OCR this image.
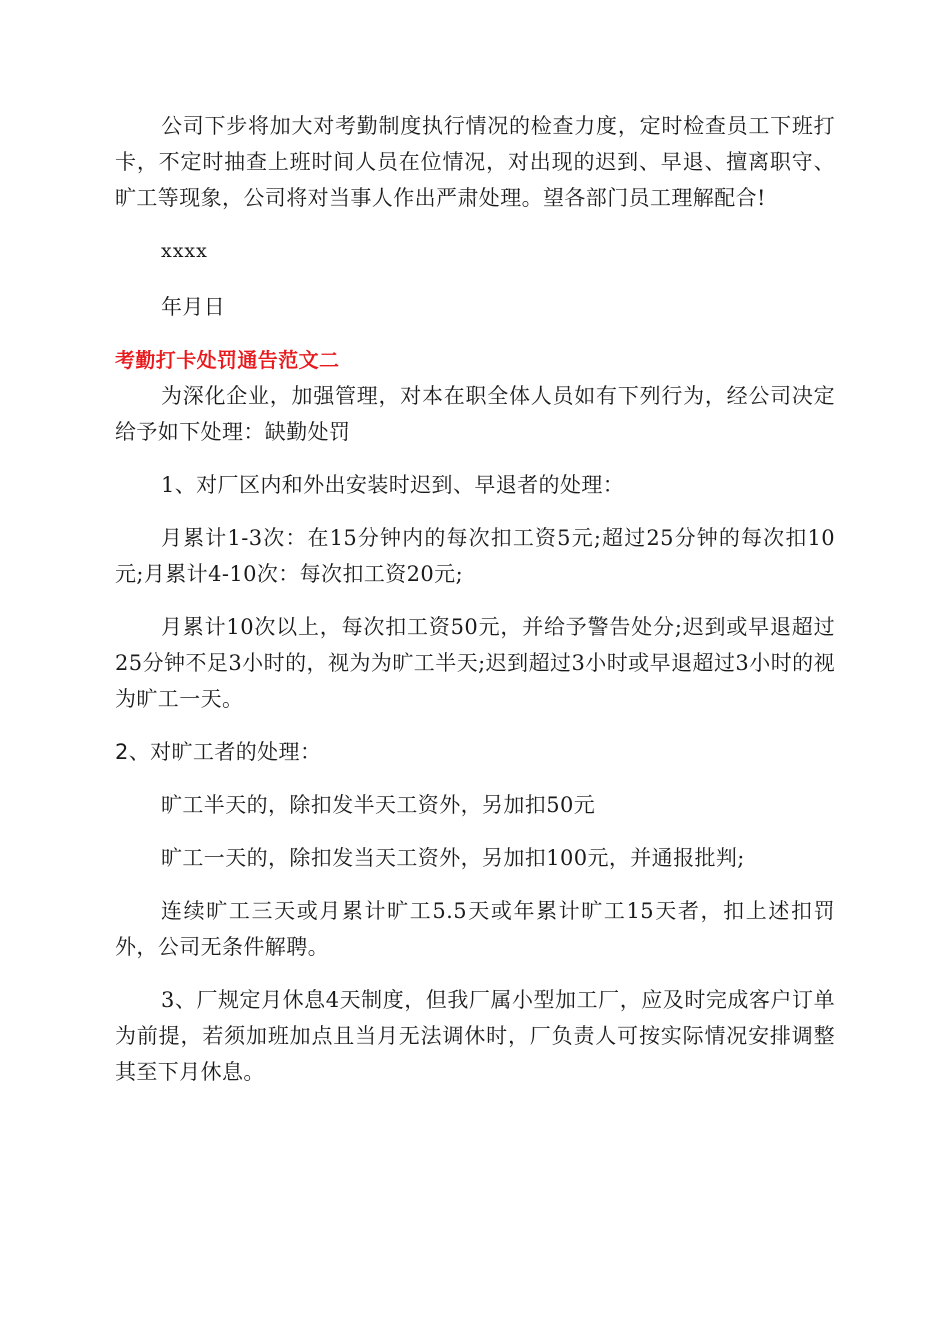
公司下步将加大对考勤制度执行情况的检查力度，定时检查员工下班打卡，不定时抽查上班时间人员在位情况，对出现的迟到、早退、擅离职守、旷工等现象，公司将对当事人作出严肃处理。望各部门员工理解配合!

xxxx

年月日

考勤打卡处罚通告范文二

为深化企业，加强管理，对本在职全体人员如有下列行为，经公司决定给予如下处理：缺勤处罚

1、对厂区内和外出安装时迟到、早退者的处理：

月累计1-3次：在15分钟内的每次扣工资5元;超过25分钟的每次扣10元;月累计4-10次：每次扣工资20元;

月累计10次以上，每次扣工资50元，并给予警告处分;迟到或早退超过25分钟不足3小时的，视为为旷工半天;迟到超过3小时或早退超过3小时的视为旷工一天。

2、对旷工者的处理：

旷工半天的，除扣发半天工资外，另加扣50元

旷工一天的，除扣发当天工资外，另加扣100元，并通报批判;

连续旷工三天或月累计旷工5.5天或年累计旷工15天者，扣上述扣罚外，公司无条件解聘。

3、厂规定月休息4天制度，但我厂属小型加工厂，应及时完成客户订单为前提，若须加班加点且当月无法调休时，厂负责人可按实际情况安排调整其至下月休息。
